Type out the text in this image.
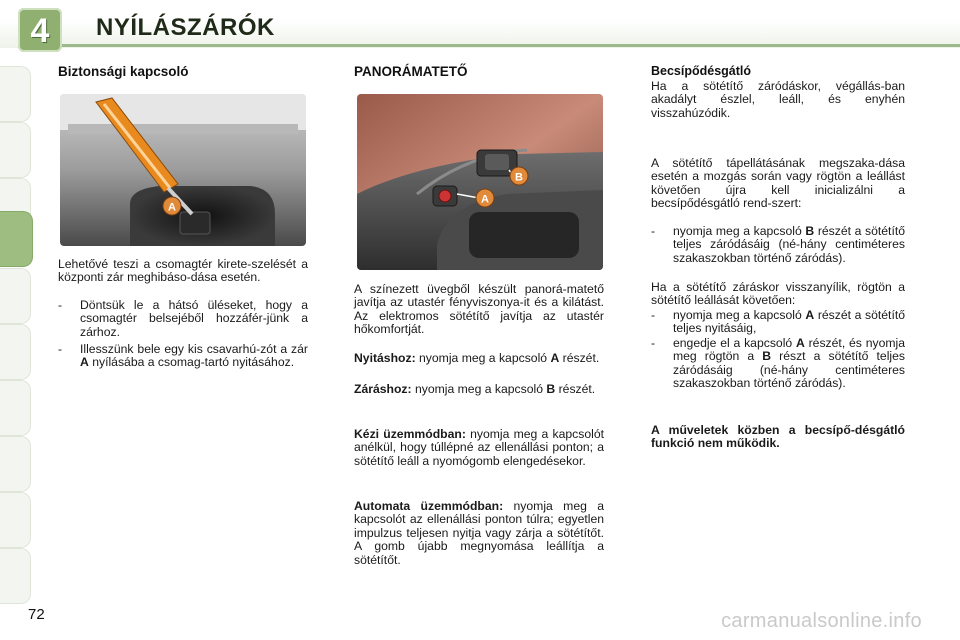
4	NYÍLÁSZÁRÓK
Biztonsági kapcsoló
A
Lehetővé teszi a csomagtér kirete-szelését a központi zár meghibáso-dása esetén.
- Döntsük le a hátsó üléseket, hogy a csomagtér belsejéből hozzáfér-jünk a zárhoz.
- Illesszünk bele egy kis csavarhú-zót a zár A nyílásába a csomag-tartó nyitásához.
PANORÁMATETŐ
B
A
A színezett üvegből készült panorá-matető javítja az utastér fényviszonya-it és a kilátást. Az elektromos sötétítő javítja az utastér hőkomfortját.
Nyitáshoz: nyomja meg a kapcsoló A részét.
Záráshoz: nyomja meg a kapcsoló B részét.
Kézi üzemmódban: nyomja meg a kapcsolót anélkül, hogy túllépné az ellenállási ponton; a sötétítő leáll a nyomógomb elengedésekor.
Automata üzemmódban: nyomja meg a kapcsolót az ellenállási ponton túlra; egyetlen impulzus teljesen nyitja vagy zárja a sötétítőt. A gomb újabb megnyomása leállítja a sötétítőt.
Becsípődésgátló
Ha a sötétítő záródáskor, végállás-ban akadályt észlel, leáll, és enyhén visszahúzódik.
A sötétítő tápellátásának megszaka-dása esetén a mozgás során vagy rögtön a leállást követően újra kell inicializálni a becsípődésgátló rend-szert:
- nyomja meg a kapcsoló B részét a sötétítő teljes záródásáig (né-hány centiméteres szakaszokban történő záródás).
Ha a sötétítő záráskor visszanyílik, rögtön a sötétítő leállását követően:
- nyomja meg a kapcsoló A részét a sötétítő teljes nyitásáig,
- engedje el a kapcsoló A részét, és nyomja meg rögtön a B részt a sötétítő teljes záródásáig (né-hány centiméteres szakaszokban történő záródás).
A műveletek közben a becsípő-désgátló funkció nem működik.
72	carmanualsonline.info
